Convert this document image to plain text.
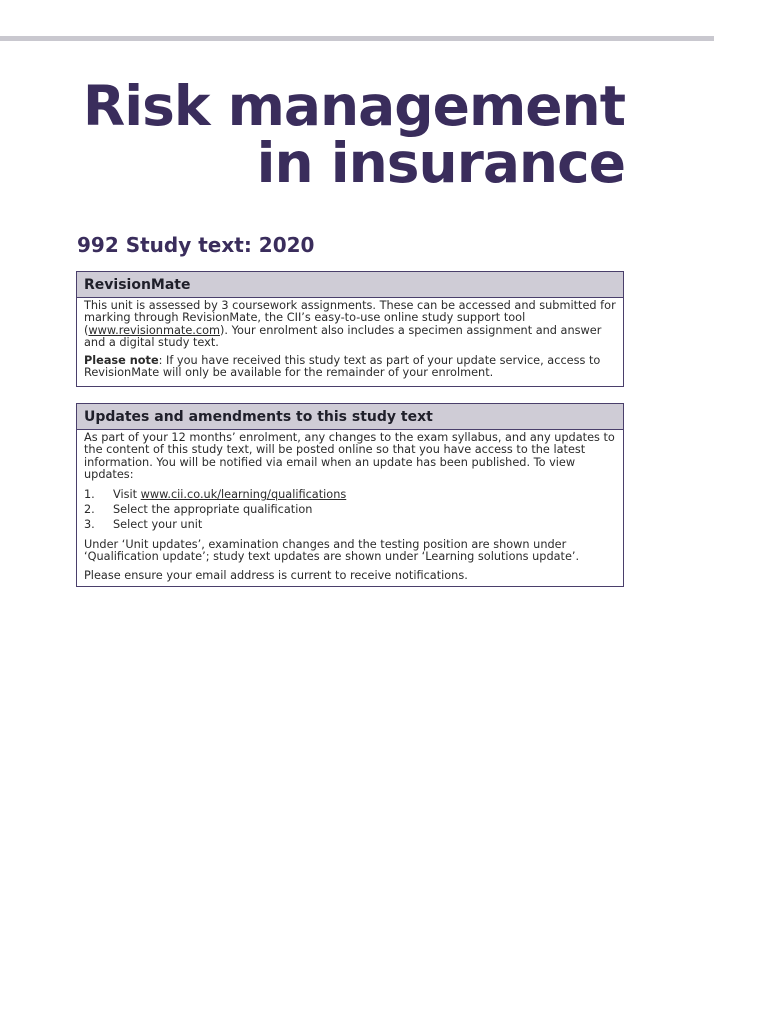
Risk management
in insurance
992 Study text: 2020
RevisionMate

This unit is assessed by 3 coursework assignments. These can be accessed and submitted for marking through RevisionMate, the CII’s easy-to-use online study support tool (www.revisionmate.com). Your enrolment also includes a specimen assignment and answer and a digital study text.

Please note: If you have received this study text as part of your update service, access to RevisionMate will only be available for the remainder of your enrolment.

Updates and amendments to this study text

As part of your 12 months’ enrolment, any changes to the exam syllabus, and any updates to the content of this study text, will be posted online so that you have access to the latest information. You will be notified via email when an update has been published. To view updates:

1.	Visit www.cii.co.uk/learning/qualifications
2.	Select the appropriate qualification
3.	Select your unit

Under ‘Unit updates’, examination changes and the testing position are shown under ‘Qualification update’; study text updates are shown under ‘Learning solutions update’.

Please ensure your email address is current to receive notifications.
